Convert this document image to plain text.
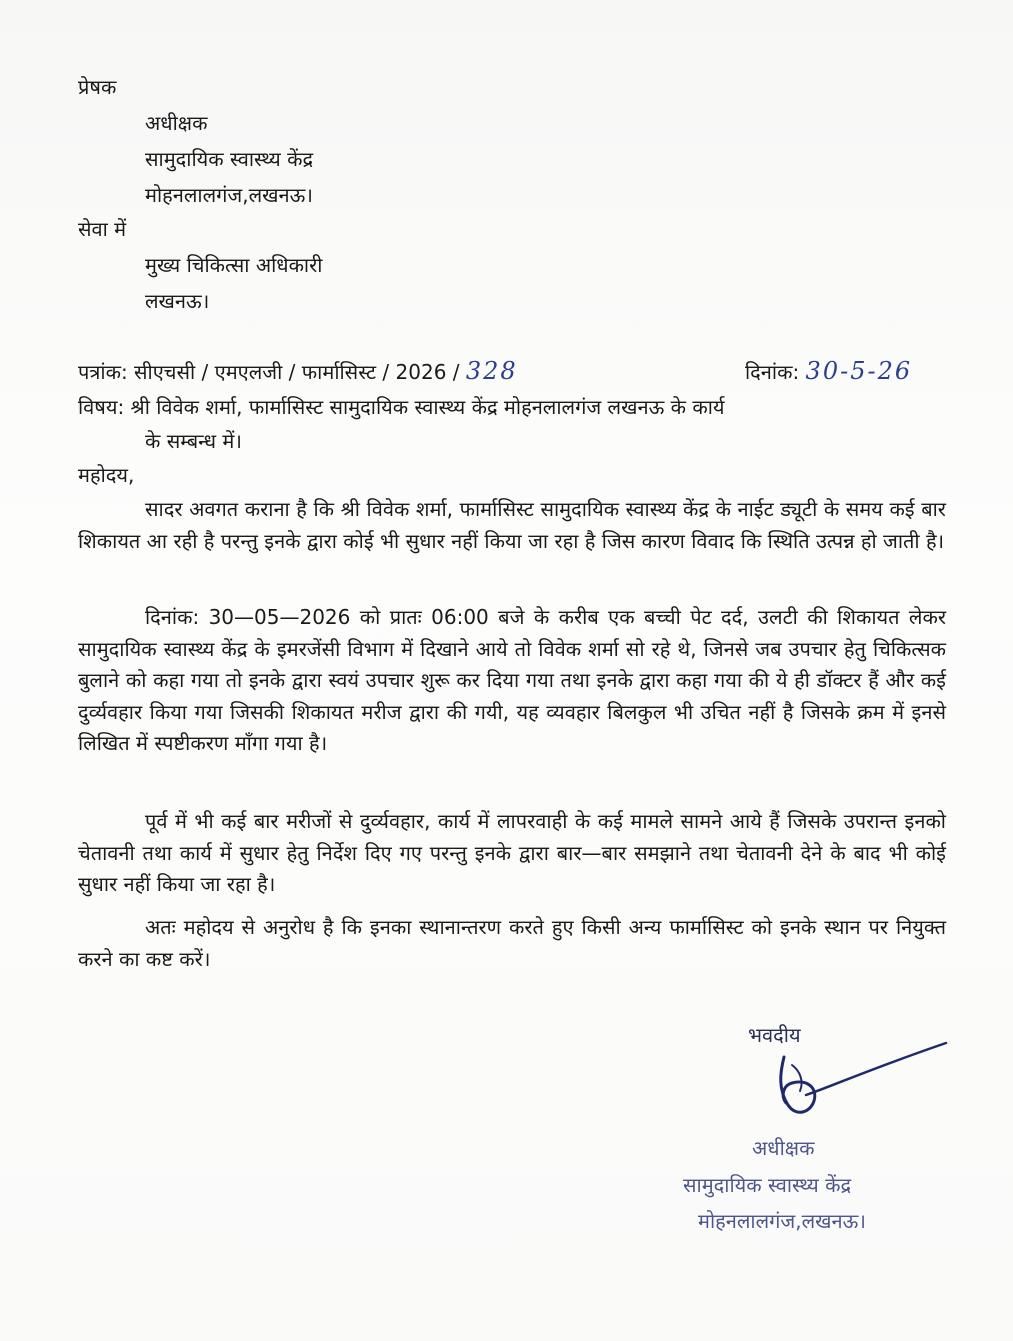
प्रेषक
अधीक्षक
सामुदायिक स्वास्थ्य केंद्र
मोहनलालगंज,लखनऊ।
सेवा में
मुख्य चिकित्सा अधिकारी
लखनऊ।
पत्रांक: सीएचसी / एमएलजी / फार्मासिस्ट / 2026 / 328	दिनांक: 30-5-26
विषय: श्री विवेक शर्मा, फार्मासिस्ट सामुदायिक स्वास्थ्य केंद्र मोहनलालगंज लखनऊ के कार्य
के सम्बन्ध में।
महोदय,
सादर अवगत कराना है कि श्री विवेक शर्मा, फार्मासिस्ट सामुदायिक स्वास्थ्य केंद्र के नाईट ड्यूटी के समय कई बार शिकायत आ रही है परन्तु इनके द्वारा कोई भी सुधार नहीं किया जा रहा है जिस कारण विवाद कि स्थिति उत्पन्न हो जाती है।
दिनांक: 30—05—2026 को प्रातः 06:00 बजे के करीब एक बच्ची पेट दर्द, उलटी की शिकायत लेकर सामुदायिक स्वास्थ्य केंद्र के इमरजेंसी विभाग में दिखाने आये तो विवेक शर्मा सो रहे थे, जिनसे जब उपचार हेतु चिकित्सक बुलाने को कहा गया तो इनके द्वारा स्वयं उपचार शुरू कर दिया गया तथा इनके द्वारा कहा गया की ये ही डॉक्टर हैं और कई दुर्व्यवहार किया गया जिसकी शिकायत मरीज द्वारा की गयी, यह व्यवहार बिलकुल भी उचित नहीं है जिसके क्रम में इनसे लिखित में स्पष्टीकरण माँगा गया है।
पूर्व में भी कई बार मरीजों से दुर्व्यवहार, कार्य में लापरवाही के कई मामले सामने आये हैं जिसके उपरान्त इनको चेतावनी तथा कार्य में सुधार हेतु निर्देश दिए गए परन्तु इनके द्वारा बार—बार समझाने तथा चेतावनी देने के बाद भी कोई सुधार नहीं किया जा रहा है।
अतः महोदय से अनुरोध है कि इनका स्थानान्तरण करते हुए किसी अन्य फार्मासिस्ट को इनके स्थान पर नियुक्त करने का कष्ट करें।
भवदीय
अधीक्षक
सामुदायिक स्वास्थ्य केंद्र
मोहनलालगंज,लखनऊ।
